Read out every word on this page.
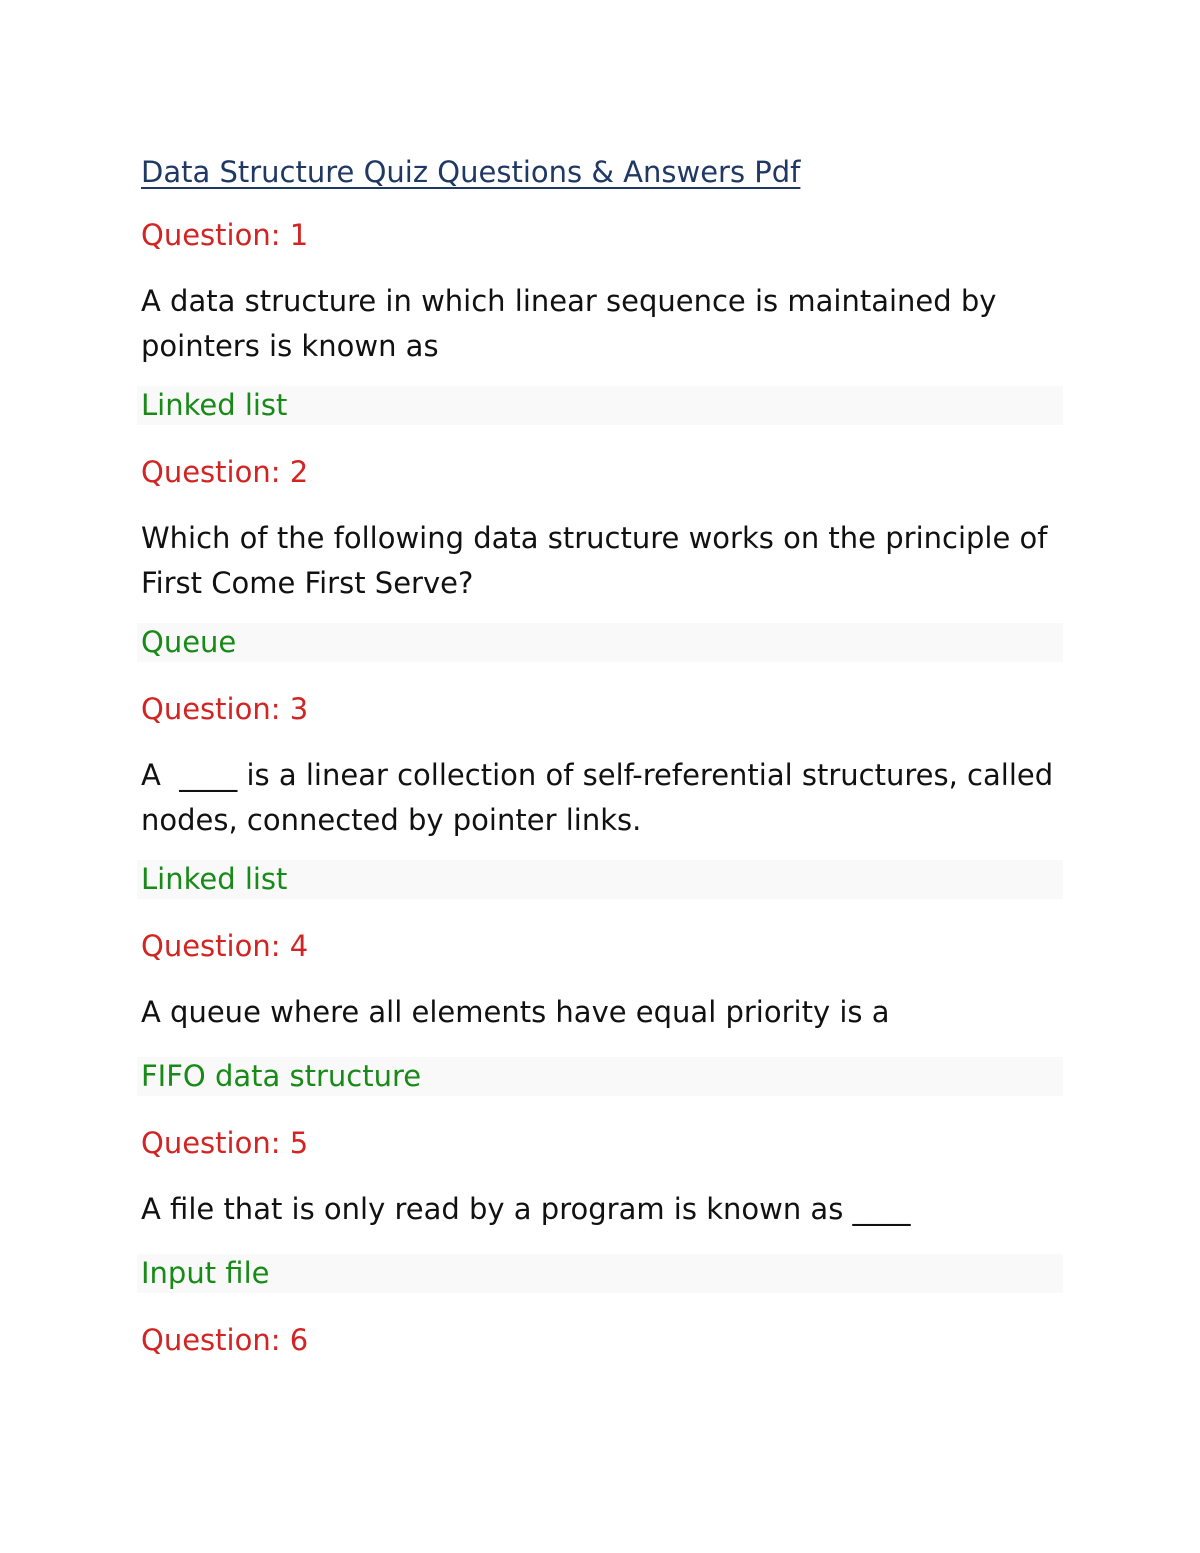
Data Structure Quiz Questions & Answers Pdf
Question: 1
A data structure in which linear sequence is maintained by
pointers is known as
Linked list
Question: 2
Which of the following data structure works on the principle of
First Come First Serve?
Queue
Question: 3
A  ____ is a linear collection of self-referential structures, called
nodes, connected by pointer links.
Linked list
Question: 4
A queue where all elements have equal priority is a
FIFO data structure
Question: 5
A file that is only read by a program is known as ____
Input file
Question: 6
